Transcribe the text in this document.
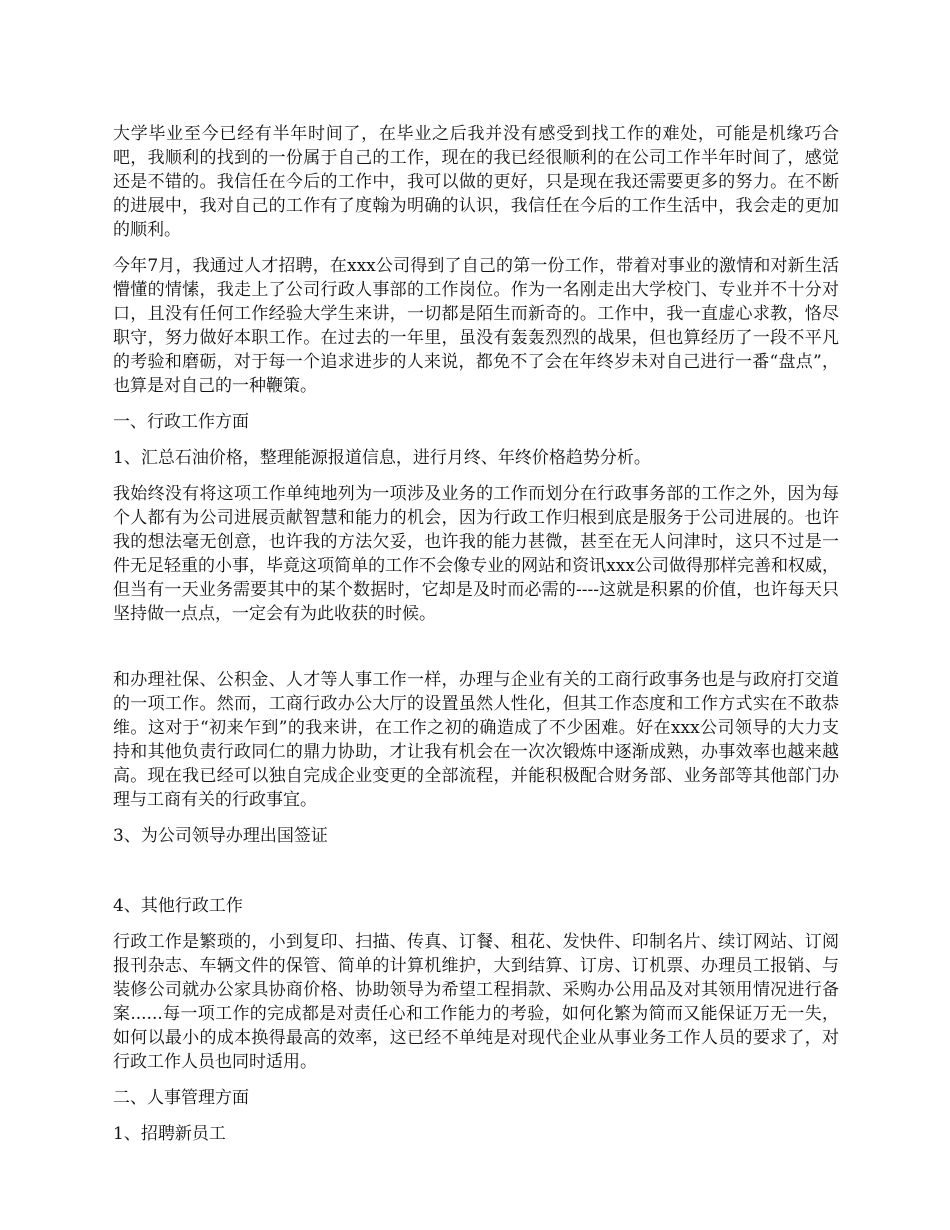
大学毕业至今已经有半年时间了，在毕业之后我并没有感受到找工作的难处，可能是机缘巧合吧，我顺利的找到的一份属于自己的工作，现在的我已经很顺利的在公司工作半年时间了，感觉还是不错的。我信任在今后的工作中，我可以做的更好，只是现在我还需要更多的努力。在不断的进展中，我对自己的工作有了度翰为明确的认识，我信任在今后的工作生活中，我会走的更加的顺利。

今年7月，我通过人才招聘，在xxx公司得到了自己的第一份工作，带着对事业的激情和对新生活懵懂的情愫，我走上了公司行政人事部的工作岗位。作为一名刚走出大学校门、专业并不十分对口，且没有任何工作经验大学生来讲，一切都是陌生而新奇的。工作中，我一直虚心求教，恪尽职守，努力做好本职工作。在过去的一年里，虽没有轰轰烈烈的战果，但也算经历了一段不平凡的考验和磨砺，对于每一个追求进步的人来说，都免不了会在年终岁未对自己进行一番“盘点”，也算是对自己的一种鞭策。

一、行政工作方面

1、汇总石油价格，整理能源报道信息，进行月终、年终价格趋势分析。

我始终没有将这项工作单纯地列为一项涉及业务的工作而划分在行政事务部的工作之外，因为每个人都有为公司进展贡献智慧和能力的机会，因为行政工作归根到底是服务于公司进展的。也许我的想法毫无创意，也许我的方法欠妥，也许我的能力甚微，甚至在无人问津时，这只不过是一件无足轻重的小事，毕竟这项简单的工作不会像专业的网站和资讯xxx公司做得那样完善和权威，但当有一天业务需要其中的某个数据时，它却是及时而必需的----这就是积累的价值，也许每天只坚持做一点点，一定会有为此收获的时候。

和办理社保、公积金、人才等人事工作一样，办理与企业有关的工商行政事务也是与政府打交道的一项工作。然而，工商行政办公大厅的设置虽然人性化，但其工作态度和工作方式实在不敢恭维。这对于“初来乍到”的我来讲，在工作之初的确造成了不少困难。好在xxx公司领导的大力支持和其他负责行政同仁的鼎力协助，才让我有机会在一次次锻炼中逐渐成熟，办事效率也越来越高。现在我已经可以独自完成企业变更的全部流程，并能积极配合财务部、业务部等其他部门办理与工商有关的行政事宜。

3、为公司领导办理出国签证

4、其他行政工作

行政工作是繁琐的，小到复印、扫描、传真、订餐、租花、发快件、印制名片、续订网站、订阅报刊杂志、车辆文件的保管、简单的计算机维护，大到结算、订房、订机票、办理员工报销、与装修公司就办公家具协商价格、协助领导为希望工程捐款、采购办公用品及对其领用情况进行备案......每一项工作的完成都是对责任心和工作能力的考验，如何化繁为简而又能保证万无一失，如何以最小的成本换得最高的效率，这已经不单纯是对现代企业从事业务工作人员的要求了，对行政工作人员也同时适用。

二、人事管理方面

1、招聘新员工
